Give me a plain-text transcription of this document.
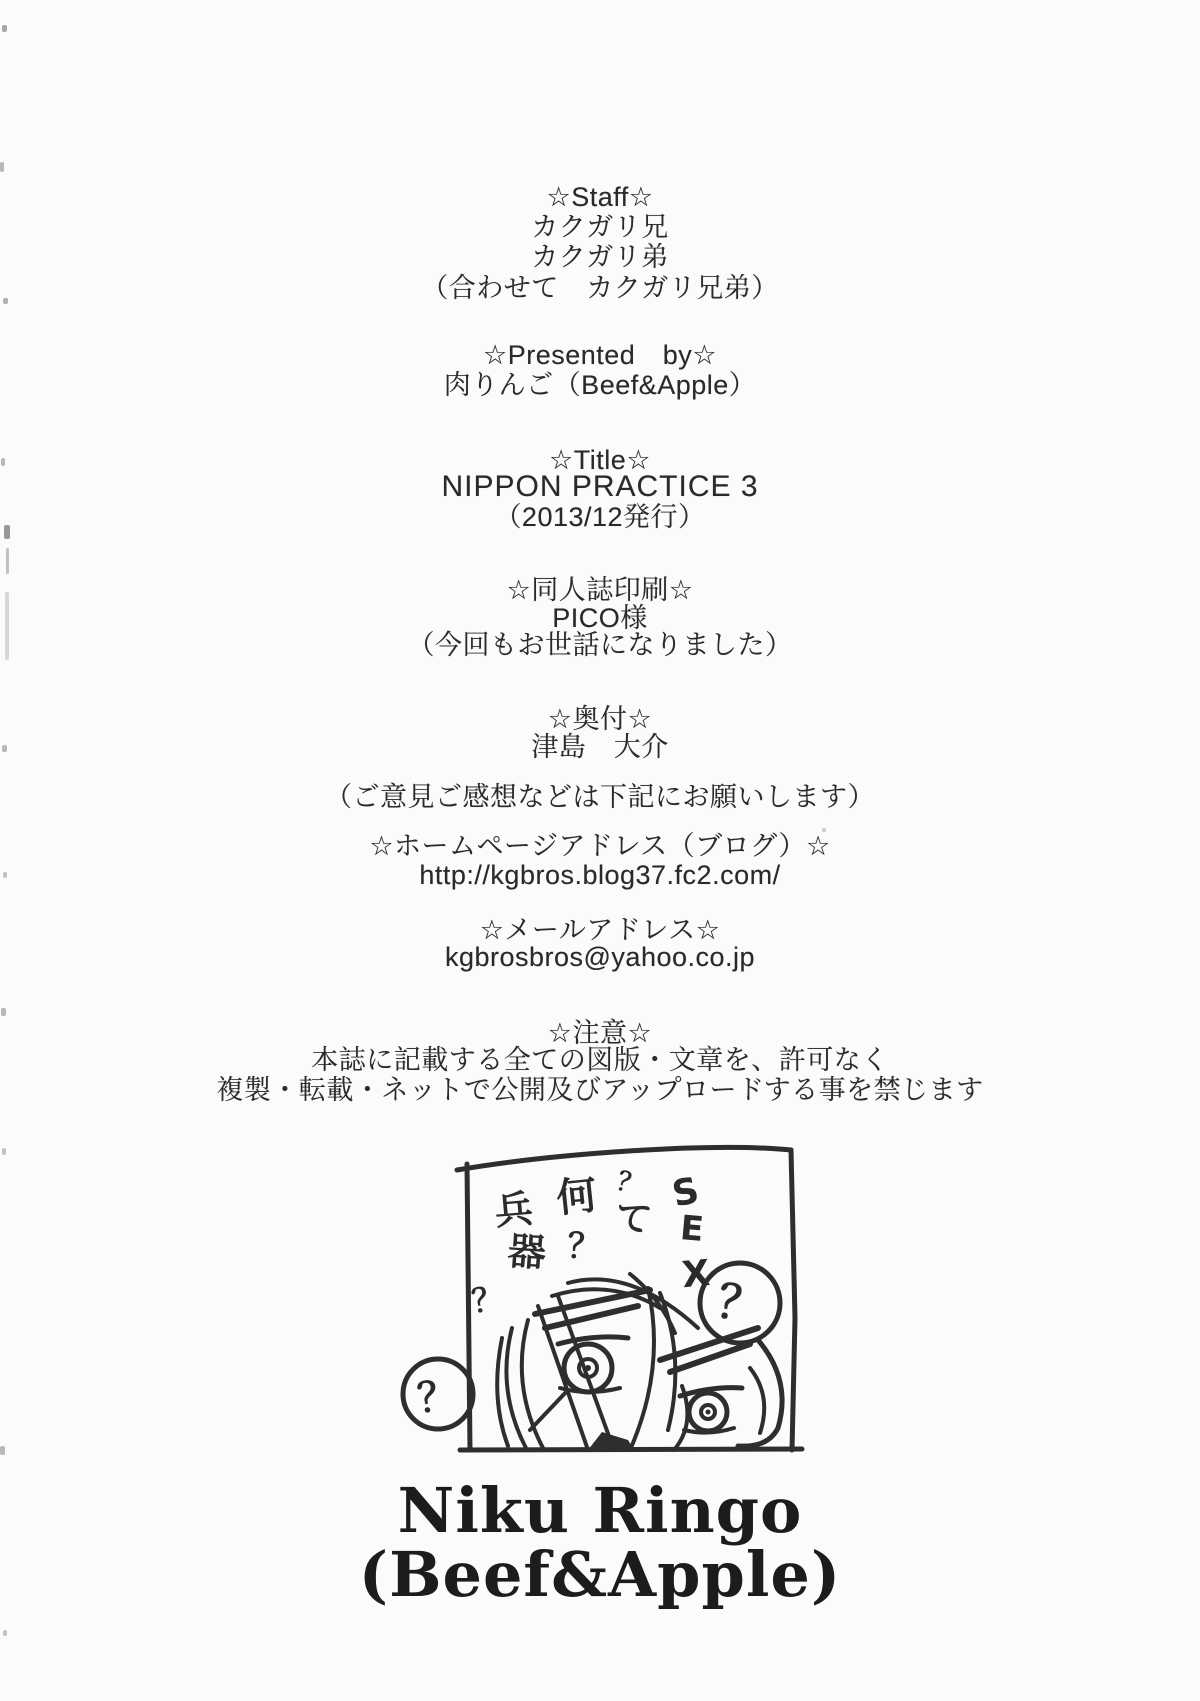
☆Staff☆
カクガリ兄
カクガリ弟
（合わせて　カクガリ兄弟）
☆Presented　by☆
肉りんご（Beef&Apple）
☆Title☆
NIPPON PRACTICE 3
（2013/12発行）
☆同人誌印刷☆
PICO様
（今回もお世話になりました）
☆奥付☆
津島　大介
（ご意見ご感想などは下記にお願いします）
☆ホームページアドレス（ブログ）☆
http://kgbros.blog37.fc2.com/
☆メールアドレス☆
kgbrosbros@yahoo.co.jp
☆注意☆
本誌に記載する全ての図版・文章を、許可なく
複製・転載・ネットで公開及びアップロードする事を禁じます
兵
器
？
何
？
？
て
S
E
X ？
？
Niku Ringo
(Beef&Apple)
